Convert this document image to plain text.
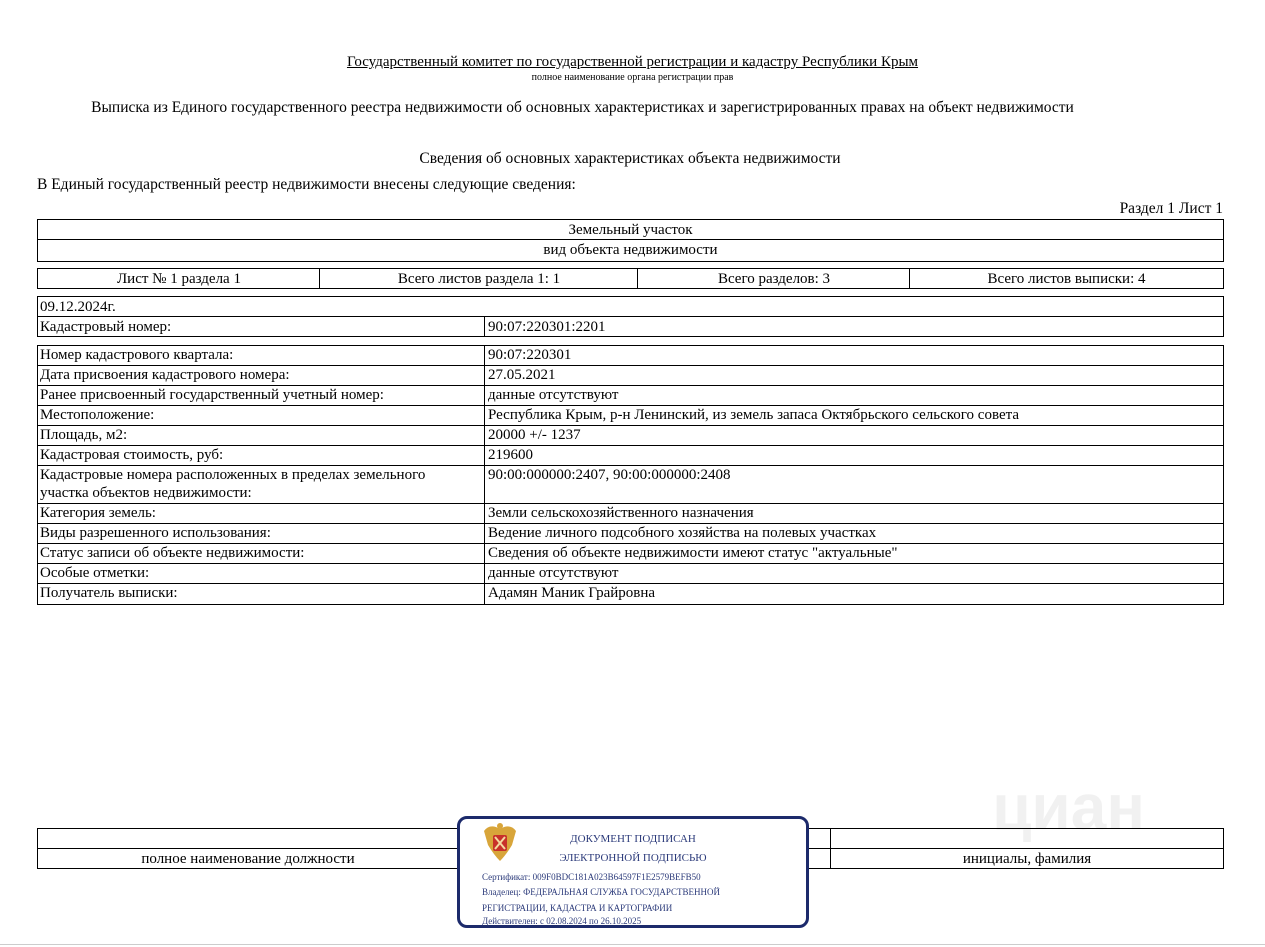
Государственный комитет по государственной регистрации и кадастру Республики Крым
полное наименование органа регистрации прав
Выписка из Единого государственного реестра недвижимости об основных характеристиках и зарегистрированных правах на объект недвижимости
Сведения об основных характеристиках объекта недвижимости
В Единый государственный реестр недвижимости внесены следующие сведения:
Раздел 1 Лист 1
Земельный участок
вид объекта недвижимости
Лист № 1 раздела 1	Всего листов раздела 1: 1	Всего разделов: 3	Всего листов выписки: 4
09.12.2024г.
Кадастровый номер:	90:07:220301:2201
Номер кадастрового квартала:	90:07:220301
Дата присвоения кадастрового номера:	27.05.2021
Ранее присвоенный государственный учетный номер:	данные отсутствуют
Местоположение:	Республика Крым, р-н Ленинский, из земель запаса Октябрьского сельского совета
Площадь, м2:	20000 +/- 1237
Кадастровая стоимость, руб:	219600
Кадастровые номера расположенных в пределах земельного
участка объектов недвижимости:
90:00:000000:2407, 90:00:000000:2408
Категория земель:	Земли сельскохозяйственного назначения
Виды разрешенного использования:	Ведение личного подсобного хозяйства на полевых участках
Статус записи об объекте недвижимости:	Сведения об объекте недвижимости имеют статус "актуальные"
Особые отметки:	данные отсутствуют
Получатель выписки:	Адамян Маник Грайровна
полное наименование должности	инициалы, фамилия
ДОКУМЕНТ ПОДПИСАН
ЭЛЕКТРОННОЙ ПОДПИСЬЮ
Сертификат: 009F0BDC181A023B64597F1E2579BEFB50
Владелец: ФЕДЕРАЛЬНАЯ СЛУЖБА ГОСУДАРСТВЕННОЙ
РЕГИСТРАЦИИ, КАДАСТРА И КАРТОГРАФИИ
Действителен: с 02.08.2024 по 26.10.2025
циан
